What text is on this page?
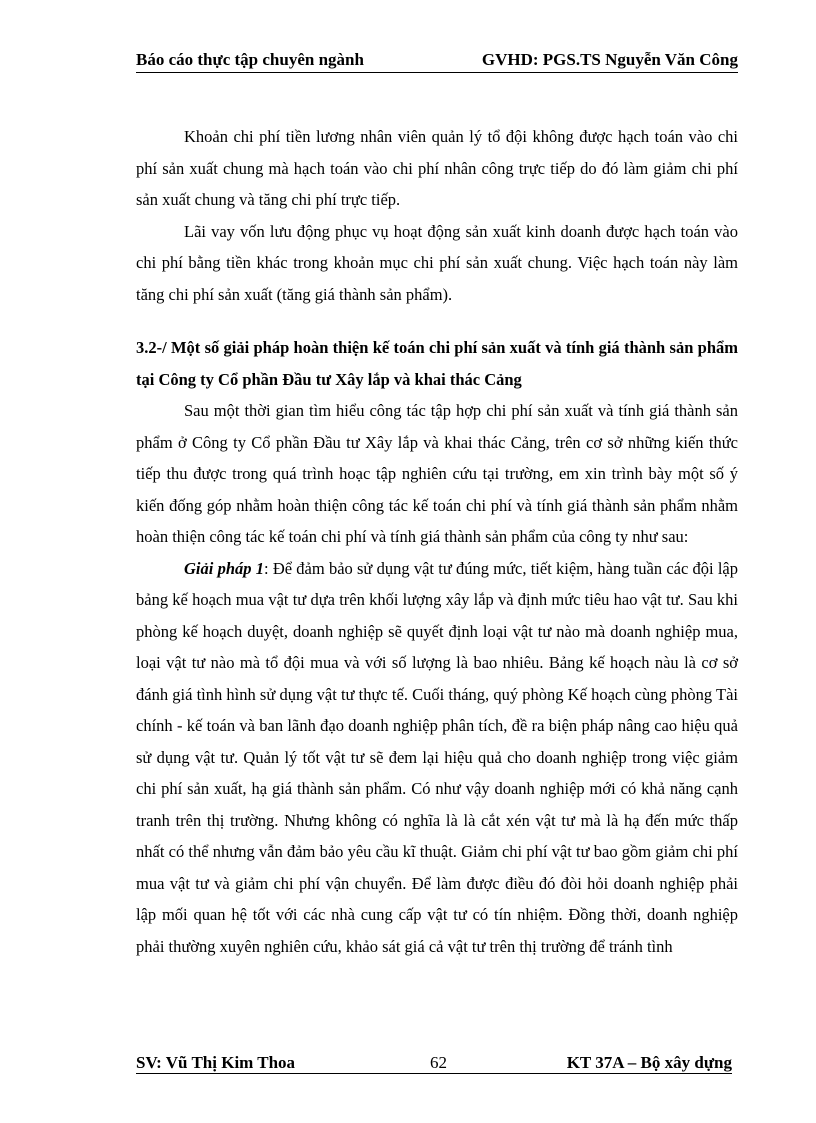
Báo cáo thực tập chuyên ngành	GVHD: PGS.TS Nguyễn Văn Công

Khoản chi phí tiền lương nhân viên quản lý tổ đội không được hạch toán vào chi phí sản xuất chung mà hạch toán vào chi phí nhân công trực tiếp do đó làm giảm chi phí sản xuất chung và tăng chi phí trực tiếp.

Lãi vay vốn lưu động phục vụ hoạt động sản xuất kinh doanh được hạch toán vào chi phí bằng tiền khác trong khoản mục chi phí sản xuất chung. Việc hạch toán này làm tăng chi phí sản xuất (tăng giá thành sản phẩm).

3.2-/ Một số giải pháp hoàn thiện kế toán chi phí sản xuất và tính giá thành sản phẩm tại Công ty Cổ phần Đầu tư Xây lắp và khai thác Cảng

Sau một thời gian tìm hiểu công tác tập hợp chi phí sản xuất và tính giá thành sản phẩm ở Công ty Cổ phần Đầu tư Xây lắp và khai thác Cảng, trên cơ sở những kiến thức tiếp thu được trong quá trình hoạc tập nghiên cứu tại trường, em xin trình bày một số ý kiến đống góp nhằm hoàn thiện công tác kế toán chi phí và tính giá thành sản phẩm nhằm hoàn thiện công tác kế toán chi phí và tính giá thành sản phẩm của công ty như sau:

Giải pháp 1: Để đảm bảo sử dụng vật tư đúng mức, tiết kiệm, hàng tuần các đội lập bảng kế hoạch mua vật tư dựa trên khối lượng xây lắp và định mức tiêu hao vật tư. Sau khi phòng kế hoạch duyệt, doanh nghiệp sẽ quyết định loại vật tư nào mà doanh nghiệp mua, loại vật tư nào mà tổ đội mua và với số lượng là bao nhiêu. Bảng kế hoạch nàu là cơ sở đánh giá tình hình sử dụng vật tư thực tế. Cuối tháng, quý phòng Kế hoạch cùng phòng Tài chính - kế toán và ban lãnh đạo doanh nghiệp phân tích, đề ra biện pháp nâng cao hiệu quả sử dụng vật tư. Quản lý tốt vật tư sẽ đem lại hiệu quả cho doanh nghiệp trong việc giảm chi phí sản xuất, hạ giá thành sản phẩm. Có như vậy doanh nghiệp mới có khả năng cạnh tranh trên thị trường. Nhưng không có nghĩa là là cắt xén vật tư mà là hạ đến mức thấp nhất có thể nhưng vẫn đảm bảo yêu cầu kĩ thuật. Giảm chi phí vật tư bao gồm giảm chi phí mua vật tư và giảm chi phí vận chuyển. Để làm được điều đó đòi hỏi doanh nghiệp phải lập mối quan hệ tốt với các nhà cung cấp vật tư có tín nhiệm. Đồng thời, doanh nghiệp phải thường xuyên nghiên cứu, khảo sát giá cả vật tư trên thị trường để tránh tình

SV: Vũ Thị Kim Thoa	62	KT 37A – Bộ xây dựng
